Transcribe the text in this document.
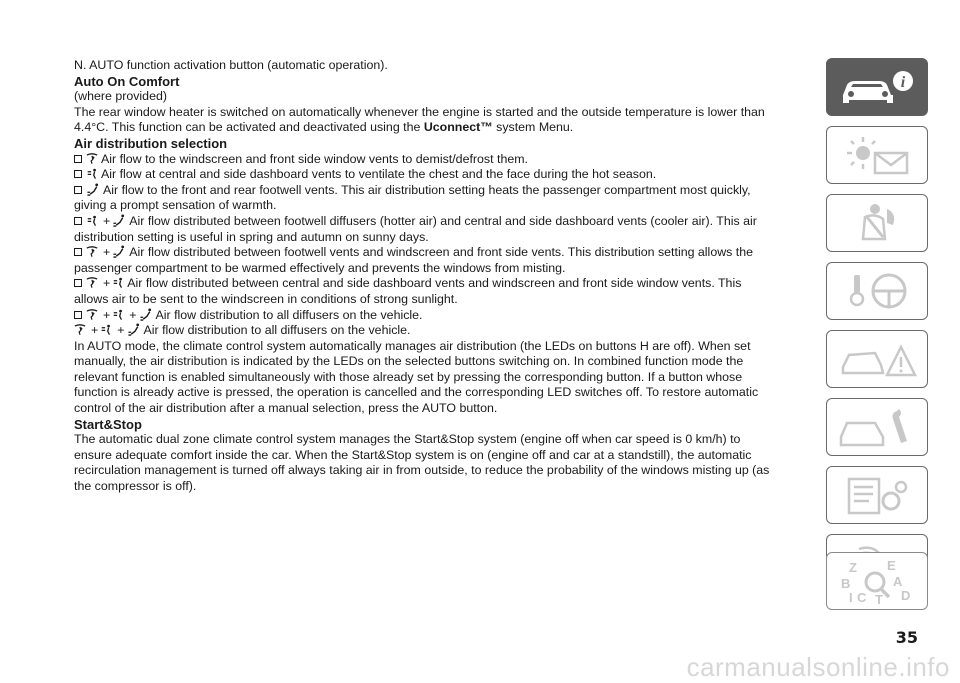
N. AUTO function activation button (automatic operation).

Auto On Comfort

(where provided)

The rear window heater is switched on automatically whenever the engine is started and the outside temperature is lower than

4.4°C. This function can be activated and deactivated using the Uconnect™ system Menu.

Air distribution selection

Air flow to the windscreen and front side window vents to demist/defrost them.

Air flow at central and side dashboard vents to ventilate the chest and the face during the hot season.

Air flow to the front and rear footwell vents. This air distribution setting heats the passenger compartment most quickly,

giving a prompt sensation of warmth.

+ Air flow distributed between footwell diffusers (hotter air) and central and side dashboard vents (cooler air). This air

distribution setting is useful in spring and autumn on sunny days.

+ Air flow distributed between footwell vents and windscreen and front side vents. This distribution setting allows the

passenger compartment to be warmed effectively and prevents the windows from misting.

+ Air flow distributed between central and side dashboard vents and windscreen and front side window vents. This

allows air to be sent to the windscreen in conditions of strong sunlight.

+ + Air flow distribution to all diffusers on the vehicle.

+ + Air flow distribution to all diffusers on the vehicle.

In AUTO mode, the climate control system automatically manages air distribution (the LEDs on buttons H are off). When set

manually, the air distribution is indicated by the LEDs on the selected buttons switching on. In combined function mode the

relevant function is enabled simultaneously with those already set by pressing the corresponding button. If a button whose

function is already active is pressed, the operation is cancelled and the corresponding LED switches off. To restore automatic

control of the air distribution after a manual selection, press the AUTO button.

Start&Stop

The automatic dual zone climate control system manages the Start&Stop system (engine off when car speed is 0 km/h) to

ensure adequate comfort inside the car. When the Start&Stop system is on (engine off and car at a standstill), the automatic

recirculation management is turned off always taking air in from outside, to reduce the probability of the windows misting up (as

the compressor is off).

i
Z E
B	A
C T D
I
35
carmanualsonline.info
